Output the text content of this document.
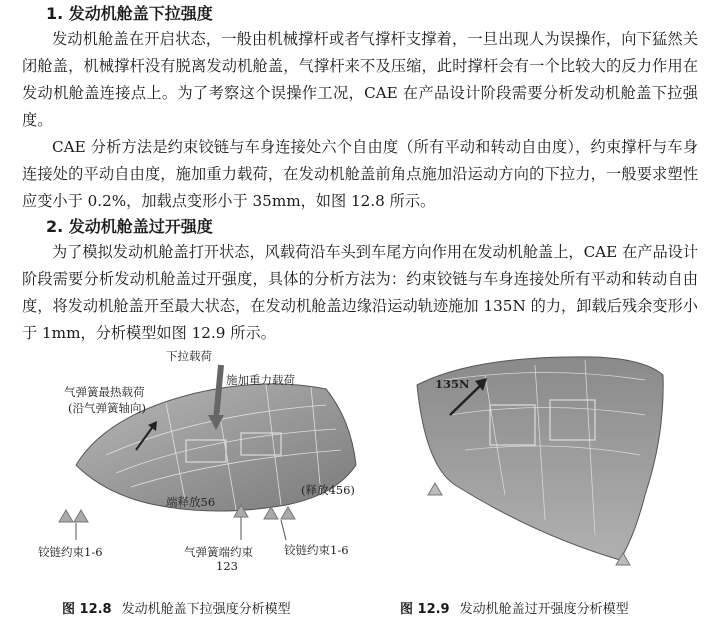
1. 发动机舱盖下拉强度

发动机舱盖在开启状态，一般由机械撑杆或者气撑杆支撑着，一旦出现人为误操作，向下猛然关闭舱盖，机械撑杆没有脱离发动机舱盖，气撑杆来不及压缩，此时撑杆会有一个比较大的反力作用在发动机舱盖连接点上。为了考察这个误操作工况，CAE 在产品设计阶段需要分析发动机舱盖下拉强度。

CAE 分析方法是约束铰链与车身连接处六个自由度（所有平动和转动自由度），约束撑杆与车身连接处的平动自由度，施加重力载荷，在发动机舱盖前角点施加沿运动方向的下拉力，一般要求塑性应变小于 0.2%，加载点变形小于 35mm，如图 12.8 所示。

2. 发动机舱盖过开强度

为了模拟发动机舱盖打开状态，风载荷沿车头到车尾方向作用在发动机舱盖上，CAE 在产品设计阶段需要分析发动机舱盖过开强度，具体的分析方法为：约束铰链与车身连接处所有平动和转动自由度，将发动机舱盖开至最大状态，在发动机舱盖边缘沿运动轨迹施加 135N 的力，卸载后残余变形小于 1mm，分析模型如图 12.9 所示。

下拉载荷
施加重力载荷
气弹簧最热载荷
(沿气弹簧轴向)
(释放456)
端释放56
铰链约束1-6	气弹簧端约束
123
铰链约束1-6
135N
图 12.8 发动机舱盖下拉强度分析模型	图 12.9 发动机舱盖过开强度分析模型
